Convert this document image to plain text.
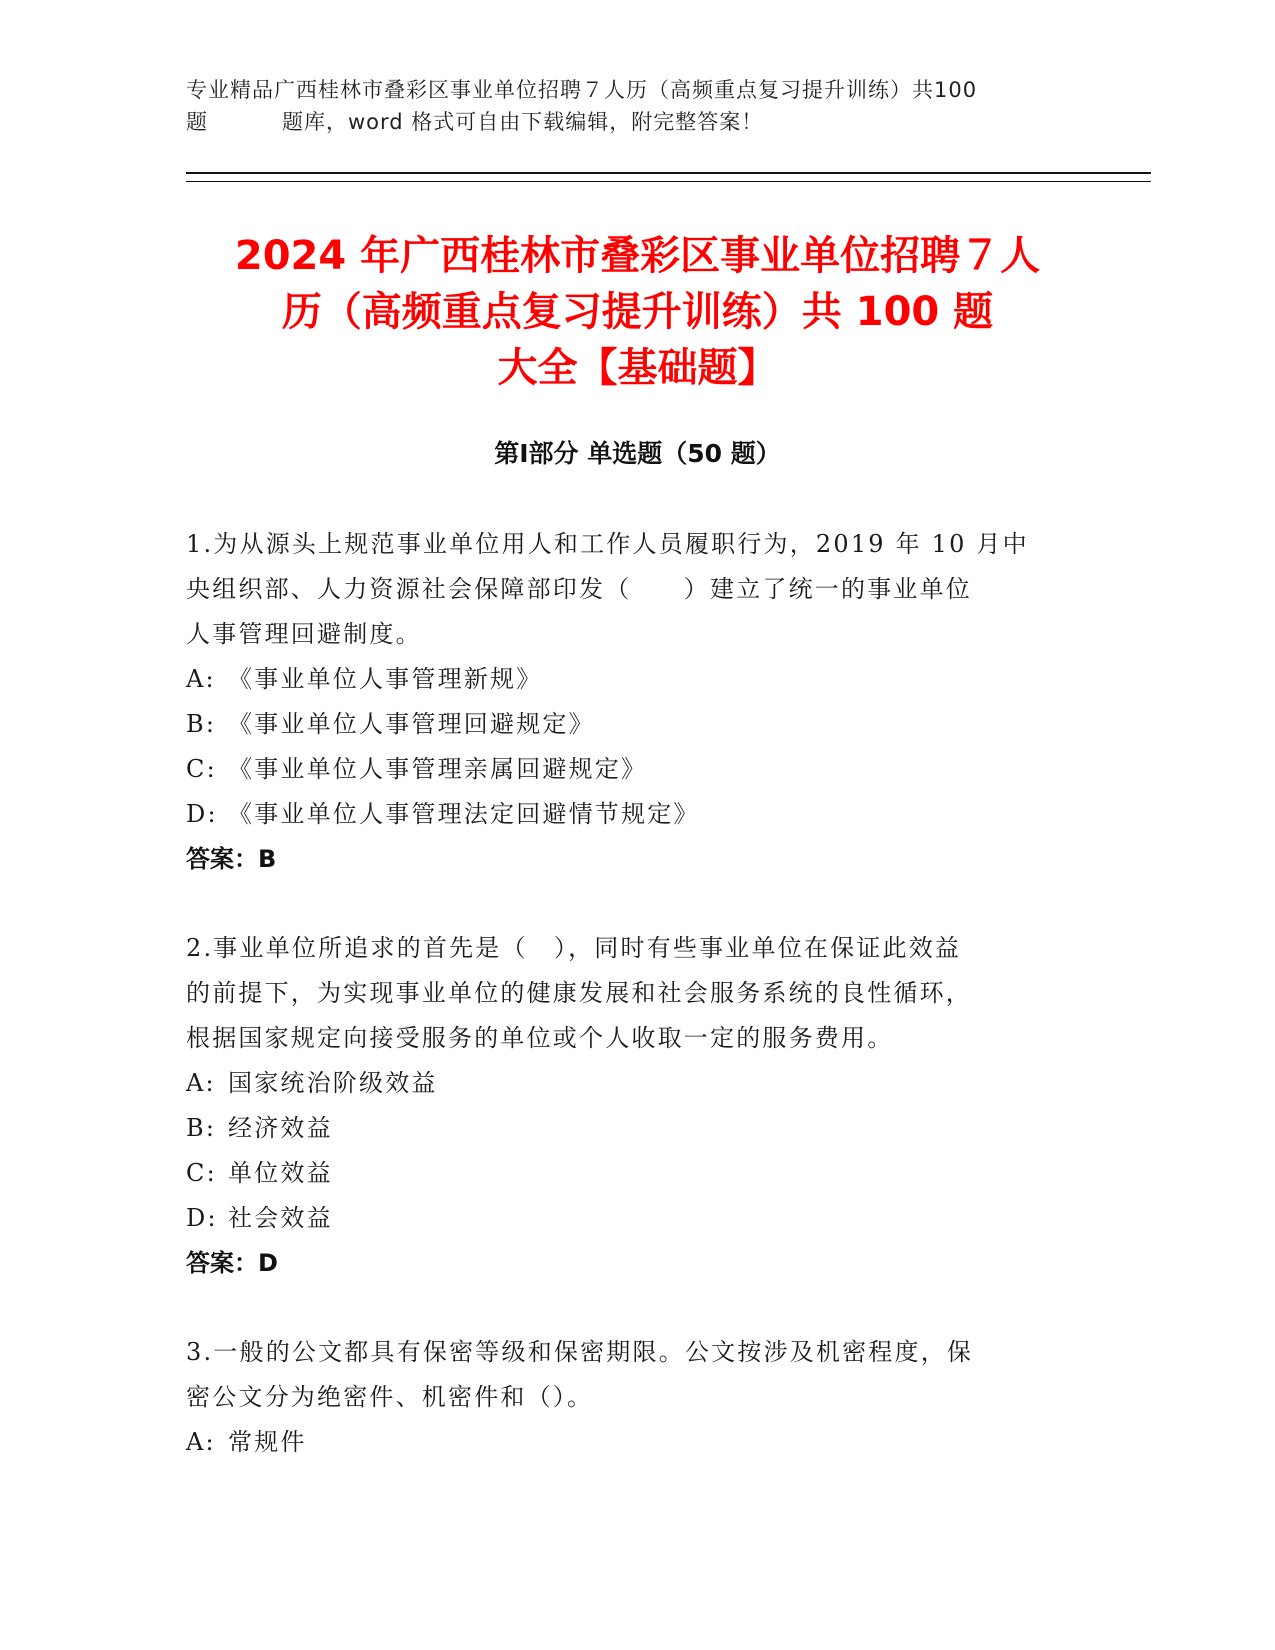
专业精品广西桂林市叠彩区事业单位招聘７人历（高频重点复习提升训练）共100
题	题库，word 格式可自由下载编辑，附完整答案！
2024 年广西桂林市叠彩区事业单位招聘７人
历（高频重点复习提升训练）共 100 题
大全【基础题】
第Ⅰ部分 单选题（50 题）
1.为从源头上规范事业单位用人和工作人员履职行为，2019 年 10 月中
央组织部、人力资源社会保障部印发（　　）建立了统一的事业单位
人事管理回避制度。
A: 《事业单位人事管理新规》
B: 《事业单位人事管理回避规定》
C: 《事业单位人事管理亲属回避规定》
D: 《事业单位人事管理法定回避情节规定》
答案：B
2.事业单位所追求的首先是（　），同时有些事业单位在保证此效益
的前提下，为实现事业单位的健康发展和社会服务系统的良性循环，
根据国家规定向接受服务的单位或个人收取一定的服务费用。
A: 国家统治阶级效益
B: 经济效益
C: 单位效益
D: 社会效益
答案：D
3.一般的公文都具有保密等级和保密期限。公文按涉及机密程度，保
密公文分为绝密件、机密件和（）。
A: 常规件
